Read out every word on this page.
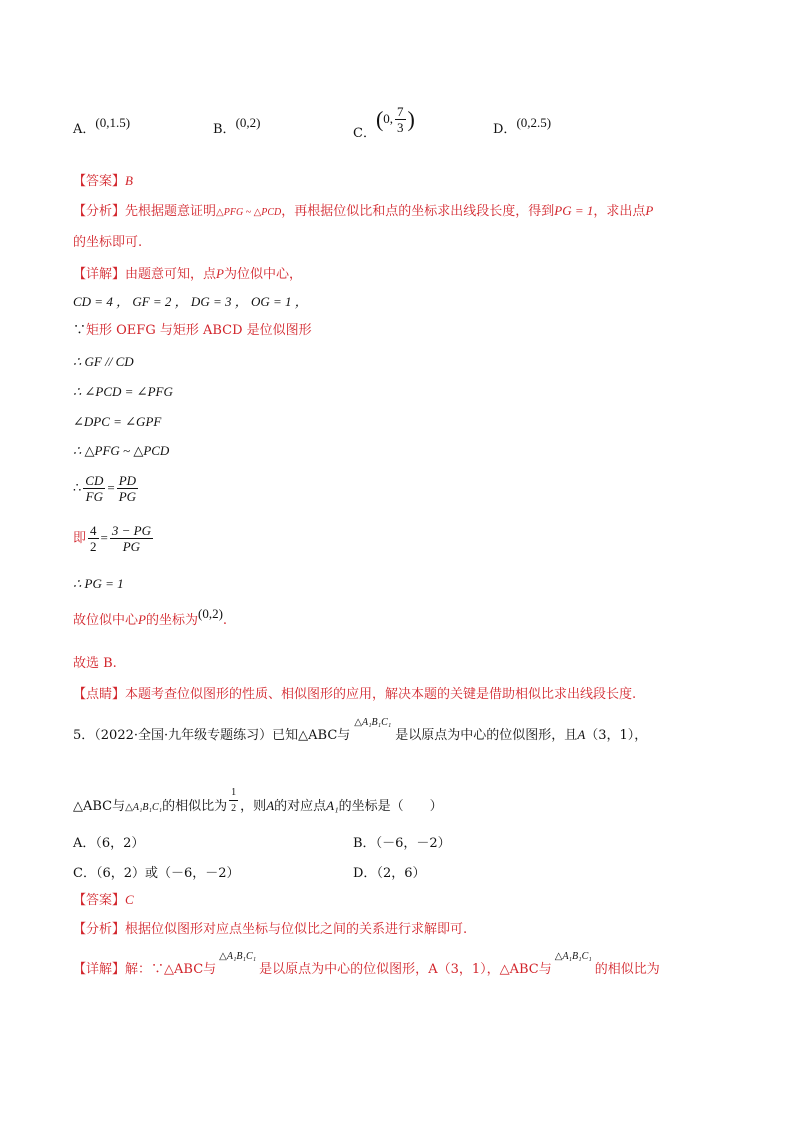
A．(0,1.5)	B．(0,2)
C．(0, $\frac{7}{3}$ )	D．(0,2.5)
【答案】B
【分析】先根据题意证明△PFG ~ △PCD，再根据位似比和点的坐标求出线段长度，得到PG = 1，求出点P
的坐标即可.
【详解】由题意可知，点P为位似中心，
CD = 4 ， GF = 2 ， DG = 3 ， OG = 1 ，
∵矩形 OEFG 与矩形 ABCD 是位似图形
∴ GF // CD
∴ ∠PCD = ∠PFG
∠DPC = ∠GPF
∴ △PFG ~ △PCD
∴ $\frac{CD}{FG} = \frac{PD}{PG}$
即 $\frac{4}{2} = \frac{3 - PG}{PG}$
∴ PG = 1
故位似中心P的坐标为(0,2).
故选 B.
【点睛】本题考查位似图形的性质、相似图形的应用，解决本题的关键是借助相似比求出线段长度.
5．（2022·全国·九年级专题练习）已知△ABC与$^{\triangle A_1B_1C_1}$是以原点为中心的位似图形，且A（3，1），
△ABC与△A₁B₁C₁的相似比为 $\frac{1}{2}$ ，则A的对应点A₁的坐标是（　　）
A．（6，2）	B．（－6，－2）
C．（6，2）或（－6，－2）	D．（2，6）
【答案】C
【分析】根据位似图形对应点坐标与位似比之间的关系进行求解即可.
【详解】解：∵△ABC与$^{\triangle A_1B_1C_1}$是以原点为中心的位似图形，A（3，1），△ABC与$^{\triangle A_1B_1C_1}$的相似比为
